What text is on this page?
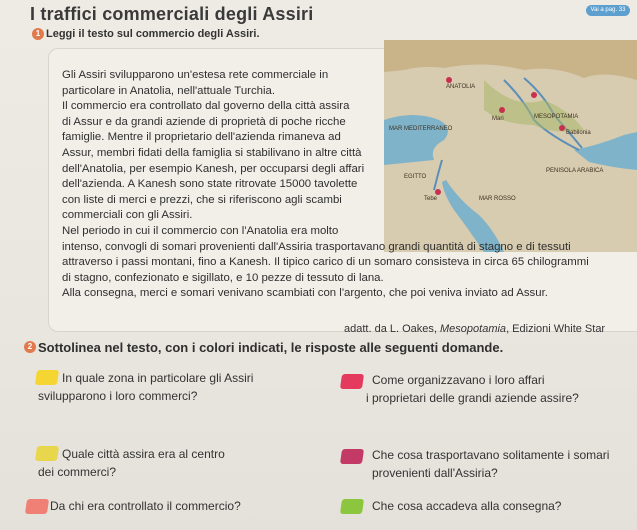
I traffici commerciali degli Assiri	Vai a pag. 33
ANATOLIA
MESOPOTAMIA
MAR MEDITERRANEO
EGITTO
PENISOLA ARABICA
MAR ROSSO
Babilonia
Mari
Tebe
1 Leggi il testo sul commercio degli Assiri.
Gli Assiri svilupparono un'estesa rete commerciale in
particolare in Anatolia, nell'attuale Turchia.
Il commercio era controllato dal governo della città assira
di Assur e da grandi aziende di proprietà di poche ricche
famiglie. Mentre il proprietario dell'azienda rimaneva ad
Assur, membri fidati della famiglia si stabilivano in altre città
dell'Anatolia, per esempio Kanesh, per occuparsi degli affari
dell'azienda. A Kanesh sono state ritrovate 15000 tavolette
con liste di merci e prezzi, che si riferiscono agli scambi
commerciali con gli Assiri.
Nel periodo in cui il commercio con l'Anatolia era molto
intenso, convogli di somari provenienti dall'Assiria trasportavano grandi quantità di stagno e di tessuti
attraverso i passi montani, fino a Kanesh. Il tipico carico di un somaro consisteva in circa 65 chilogrammi
di stagno, confezionato e sigillato, e 10 pezze di tessuto di lana.
Alla consegna, merci e somari venivano scambiati con l'argento, che poi veniva inviato ad Assur.
adatt. da L. Oakes, Mesopotamia, Edizioni White Star
2 Sottolinea nel testo, con i colori indicati, le risposte alle seguenti domande.
In quale zona in particolare gli Assiri
svilupparono i loro commerci?
Come organizzavano i loro affari
i proprietari delle grandi aziende assire?
Quale città assira era al centro
dei commerci?
Che cosa trasportavano solitamente i somari
provenienti dall'Assiria?
Da chi era controllato il commercio?	Che cosa accadeva alla consegna?
